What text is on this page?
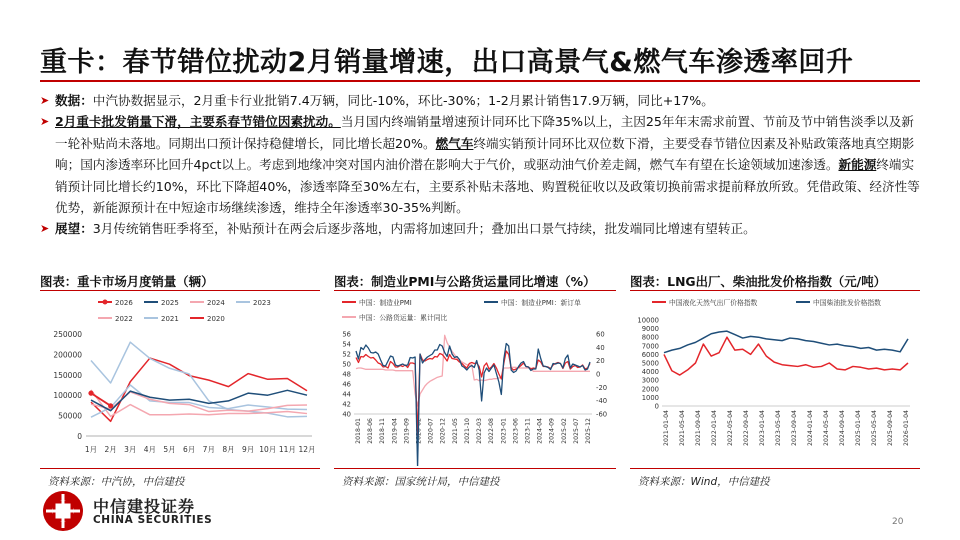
重卡：春节错位扰动2月销量增速，出口高景气&燃气车渗透率回升
➤ 数据：中汽协数据显示，2月重卡行业批销7.4万辆，同比-10%，环比-30%；1-2月累计销售17.9万辆，同比+17%。
➤ 2月重卡批发销量下滑，主要系春节错位因素扰动。当月国内终端销量增速预计同环比下降35%以上，主因25年年末需求前置、节前及节中销售淡季以及新一轮补贴尚未落地。同期出口预计保持稳健增长，同比增长超20%。燃气车终端实销预计同环比双位数下滑，主要受春节错位因素及补贴政策落地真空期影响；国内渗透率环比回升4pct以上。考虑到地缘冲突对国内油价潜在影响大于气价，或驱动油气价差走阔，燃气车有望在长途领域加速渗透。新能源终端实销预计同比增长约10%，环比下降超40%，渗透率降至30%左右，主要系补贴未落地、购置税征收以及政策切换前需求提前释放所致。凭借政策、经济性等优势，新能源预计在中短途市场继续渗透，维持全年渗透率30-35%判断。
➤ 展望：3月传统销售旺季将至，补贴预计在两会后逐步落地，内需将加速回升；叠加出口景气持续，批发端同比增速有望转正。
图表：重卡市场月度销量（辆）	图表：制造业PMI与公路货运量同比增速（%）	图表：LNG出厂、柴油批发价格指数（元/吨）
2026	2025	2024	2023
2022	2021	2020
0
50000
100000
150000
200000
250000
1月 2月 3月 4月 5月 6月 7月 8月 9月 10月 11月 12月
中国：制造业PMI	中国：制造业PMI：新订单
中国：公路货运量：累计同比
40
42
44
46
48
50
52
54
56
-60
-40
-20
0
20
40
60
2018-01 2018-06 2018-11 2019-04 2019-09 2020-02 2020-07 2020-12 2021-05 2021-10 2022-03 2022-08 2023-01 2023-06 2023-11 2024-04 2024-09 2025-02 2025-07 2025-12
中国液化天然气出厂价格指数	中国柴油批发价格指数
0
1000
2000
3000
4000
5000
6000
7000
8000
9000
10000
2021-01-04 2021-05-04 2021-09-04 2022-01-04 2022-05-04 2022-09-04 2023-01-04 2023-05-04 2023-09-04 2024-01-04 2024-05-04 2024-09-04 2025-01-04 2025-05-04 2025-09-04 2026-01-04
资料来源：中汽协，中信建投	资料来源：国家统计局，中信建投	资料来源：Wind，中信建投
中信建投证券
CHINA SECURITIES	20
